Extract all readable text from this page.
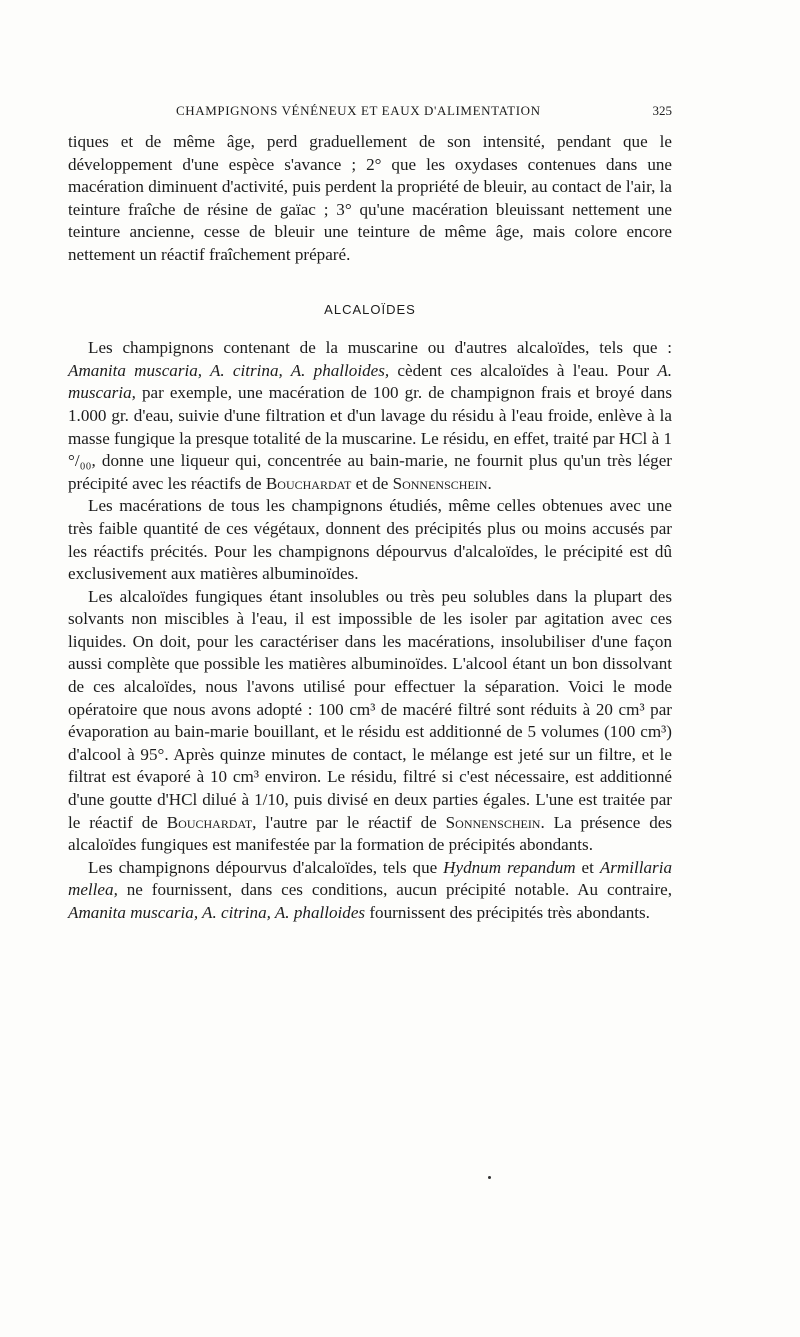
CHAMPIGNONS VÉNÉNEUX ET EAUX D'ALIMENTATION	325

tiques et de même âge, perd graduellement de son intensité, pendant que le développement d'une espèce s'avance ; 2° que les oxydases contenues dans une macération diminuent d'activité, puis perdent la propriété de bleuir, au contact de l'air, la teinture fraîche de résine de gaïac ; 3° qu'une macération bleuissant nettement une teinture ancienne, cesse de bleuir une teinture de même âge, mais colore encore nettement un réactif fraîchement préparé.

ALCALOÏDES

Les champignons contenant de la muscarine ou d'autres alcaloïdes, tels que : Amanita muscaria, A. citrina, A. phalloides, cèdent ces alcaloïdes à l'eau. Pour A. muscaria, par exemple, une macération de 100 gr. de champignon frais et broyé dans 1.000 gr. d'eau, suivie d'une filtration et d'un lavage du résidu à l'eau froide, enlève à la masse fungique la presque totalité de la muscarine. Le résidu, en effet, traité par HCl à 1 °/₀₀, donne une liqueur qui, concentrée au bain-marie, ne fournit plus qu'un très léger précipité avec les réactifs de Bouchardat et de Sonnenschein.

Les macérations de tous les champignons étudiés, même celles obtenues avec une très faible quantité de ces végétaux, donnent des précipités plus ou moins accusés par les réactifs précités. Pour les champignons dépourvus d'alcaloïdes, le précipité est dû exclusivement aux matières albuminoïdes.

Les alcaloïdes fungiques étant insolubles ou très peu solubles dans la plupart des solvants non miscibles à l'eau, il est impossible de les isoler par agitation avec ces liquides. On doit, pour les caractériser dans les macérations, insolubiliser d'une façon aussi complète que possible les matières albuminoïdes. L'alcool étant un bon dissolvant de ces alcaloïdes, nous l'avons utilisé pour effectuer la séparation. Voici le mode opératoire que nous avons adopté : 100 cm³ de macéré filtré sont réduits à 20 cm³ par évaporation au bain-marie bouillant, et le résidu est additionné de 5 volumes (100 cm³) d'alcool à 95°. Après quinze minutes de contact, le mélange est jeté sur un filtre, et le filtrat est évaporé à 10 cm³ environ. Le résidu, filtré si c'est nécessaire, est additionné d'une goutte d'HCl dilué à 1/10, puis divisé en deux parties égales. L'une est traitée par le réactif de Bouchardat, l'autre par le réactif de Sonnenschein. La présence des alcaloïdes fungiques est manifestée par la formation de précipités abondants.

Les champignons dépourvus d'alcaloïdes, tels que Hydnum repandum et Armillaria mellea, ne fournissent, dans ces conditions, aucun précipité notable. Au contraire, Amanita muscaria, A. citrina, A. phalloides fournissent des précipités très abondants.
